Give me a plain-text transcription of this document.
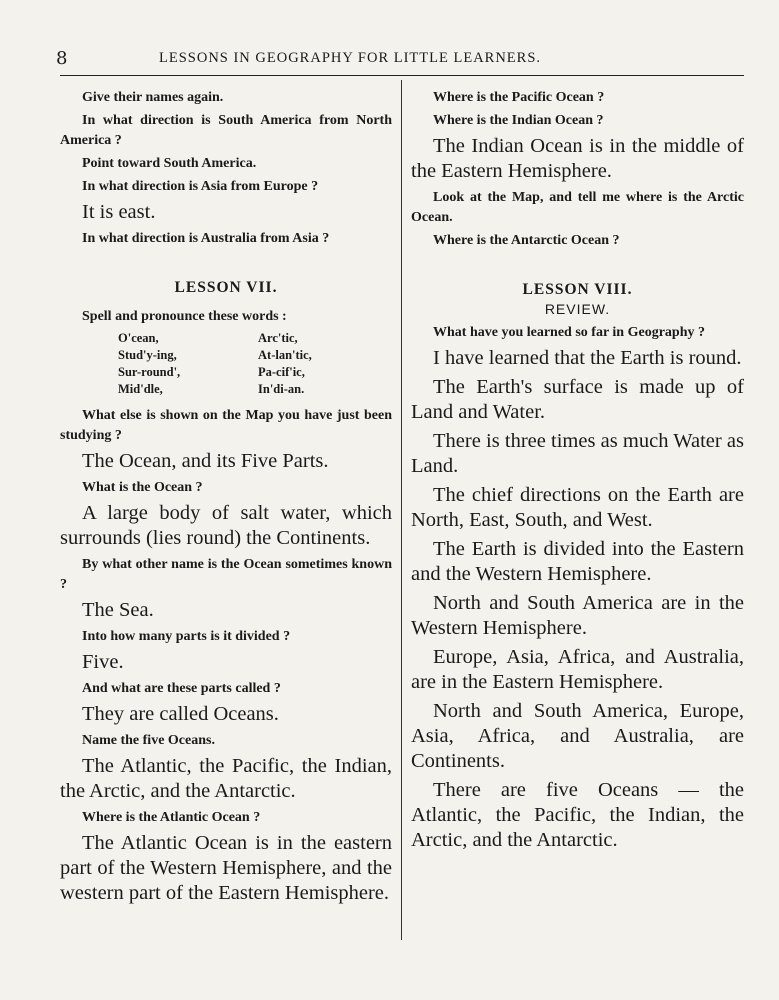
8	LESSONS IN GEOGRAPHY FOR LITTLE LEARNERS.

Give their names again.

In what direction is South America from North America ?

Point toward South America.

In what direction is Asia from Europe ?

It is east.

In what direction is Australia from Asia ?

LESSON VII.

Spell and pronounce these words :

O'cean,	Arc'tic,
Stud'y-ing,	At-lan'tic,
Sur-round',	Pa-cif'ic,
Mid'dle,	In'di-an.

What else is shown on the Map you have just been studying ?

The Ocean, and its Five Parts.

What is the Ocean ?

A large body of salt water, which surrounds (lies round) the Continents.

By what other name is the Ocean sometimes known ?

The Sea.

Into how many parts is it divided ?

Five.

And what are these parts called ?

They are called Oceans.

Name the five Oceans.

The Atlantic, the Pacific, the Indian, the Arctic, and the Antarctic.

Where is the Atlantic Ocean ?

The Atlantic Ocean is in the eastern part of the Western Hemisphere, and the western part of the Eastern Hemisphere.

Where is the Pacific Ocean ?

Where is the Indian Ocean ?

The Indian Ocean is in the middle of the Eastern Hemisphere.

Look at the Map, and tell me where is the Arctic Ocean.

Where is the Antarctic Ocean ?

LESSON VIII.

REVIEW.

What have you learned so far in Geography ?

I have learned that the Earth is round.

The Earth's surface is made up of Land and Water.

There is three times as much Water as Land.

The chief directions on the Earth are North, East, South, and West.

The Earth is divided into the Eastern and the Western Hemisphere.

North and South America are in the Western Hemisphere.

Europe, Asia, Africa, and Australia, are in the Eastern Hemisphere.

North and South America, Europe, Asia, Africa, and Australia, are Continents.

There are five Oceans — the Atlantic, the Pacific, the Indian, the Arctic, and the Antarctic.
